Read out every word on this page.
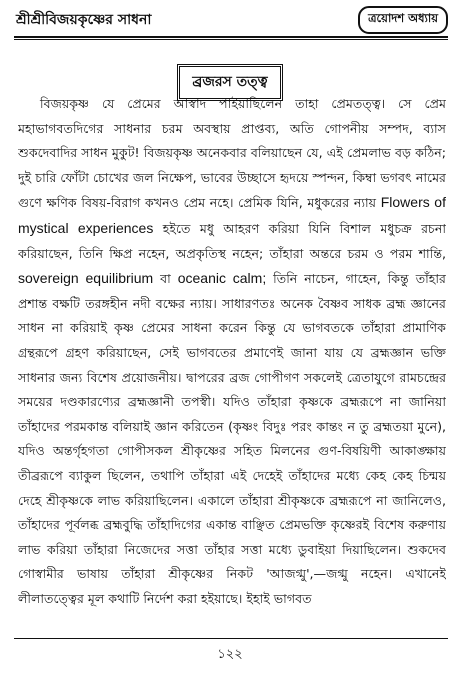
শ্রীশ্রীবিজয়কৃষ্ণের সাধনা	ত্রয়োদশ অধ্যায়
ব্রজরস তত্ত্ব

বিজয়কৃষ্ণ যে প্রেমের আস্বাদ পাইয়াছিলেন তাহা প্রেমতত্ত্ব। সে প্রেম মহাভাগবতদিগের সাধনার চরম অবস্থায় প্রাপ্তব্য, অতি গোপনীয় সম্পদ, ব্যাস শুকদেবাদির সাধন মুকুট! বিজয়কৃষ্ণ অনেকবার বলিয়াছেন যে, এই প্রেমলাভ বড় কঠিন; দুই চারি ফোঁটা চোখের জল নিক্ষেপ, ভাবের উচ্ছাসে হৃদয়ে স্পন্দন, কিম্বা ভগবৎ নামের গুণে ক্ষণিক বিষয়-বিরাগ কখনও প্রেম নহে। প্রেমিক যিনি, মধুকরের ন্যায় Flowers of mystical experiences হইতে মধু আহরণ করিয়া যিনি বিশাল মধুচক্র রচনা করিয়াছেন, তিনি ক্ষিপ্র নহেন, অপ্রকৃতিস্থ নহেন; তাঁহারা অন্তরে চরম ও পরম শান্তি, sovereign equilibrium বা oceanic calm; তিনি নাচেন, গাহেন, কিন্তু তাঁহার প্রশান্ত বক্ষটি তরঙ্গহীন নদী বক্ষের ন্যায়। সাধারণতঃ অনেক বৈষ্ণব সাধক ব্রহ্ম জ্ঞানের সাধন না করিয়াই কৃষ্ণ প্রেমের সাধনা করেন কিন্তু যে ভাগবতকে তাঁহারা প্রামাণিক গ্রন্থরূপে গ্রহণ করিয়াছেন, সেই ভাগবতের প্রমাণেই জানা যায় যে ব্রহ্মজ্ঞান ভক্তি সাধনার জন্য বিশেষ প্রয়োজনীয়। দ্বাপরের ব্রজ গোপীগণ সকলেই ত্রেতাযুগে রামচন্দ্রের সময়ের দণ্ডকারণ্যের ব্রহ্মজ্ঞানী তপস্বী। যদিও তাঁহারা কৃষ্ণকে ব্রহ্মরূপে না জানিয়া তাঁহাদের পরমকান্ত বলিয়াই জ্ঞান করিতেন (কৃষ্ণং বিদুঃ পরং কান্তং ন তু ব্রহ্মতয়া মুনে), যদিও অন্তর্গৃহগতা গোপীসকল শ্রীকৃষ্ণের সহিত মিলনের গুণ-বিষয়িণী আকাঙ্ক্ষায় তীব্ররূপে ব্যাকুল ছিলেন, তথাপি তাঁহারা এই দেহেই তাঁহাদের মধ্যে কেহ কেহ চিন্ময় দেহে শ্রীকৃষ্ণকে লাভ করিয়াছিলেন। একালে তাঁহারা শ্রীকৃষ্ণকে ব্রহ্মরূপে না জানিলেও, তাঁহাদের পূর্বলব্ধ ব্রহ্মবুদ্ধি তাঁহাদিগের একান্ত বাঞ্ছিত প্রেমভক্তি কৃষ্ণেরই বিশেষ করুণায় লাভ করিয়া তাঁহারা নিজেদের সত্তা তাঁহার সত্তা মধ্যে ডুবাইয়া দিয়াছিলেন। শুকদেব গোস্বামীর ভাষায় তাঁহারা শ্রীকৃষ্ণের নিকট 'আজগ্মু',—জগ্মু নহেন। এখানেই লীলাতত্ত্বের মূল কথাটি নির্দেশ করা হইয়াছে। ইহাই ভাগবত

১২২
